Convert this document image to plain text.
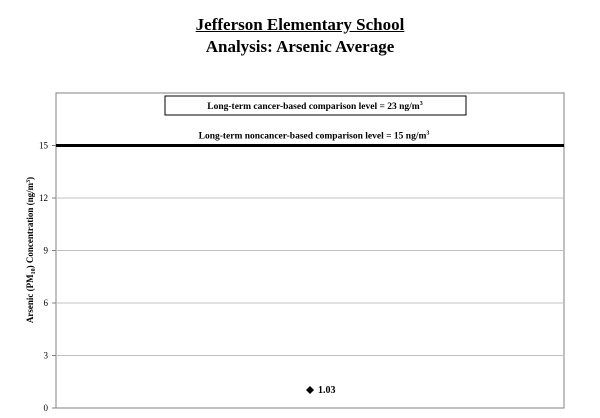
Jefferson Elementary School
Analysis: Arsenic Average
0
3
6
9
12
15
Arsenic $(PM_{10})$ Concentration $(ng/m^3)$
Long-term noncancer-based comparison level = 15 $ng/m^3$
Long-term cancer-based comparison level = 23 $ng/m^3$
1.03
